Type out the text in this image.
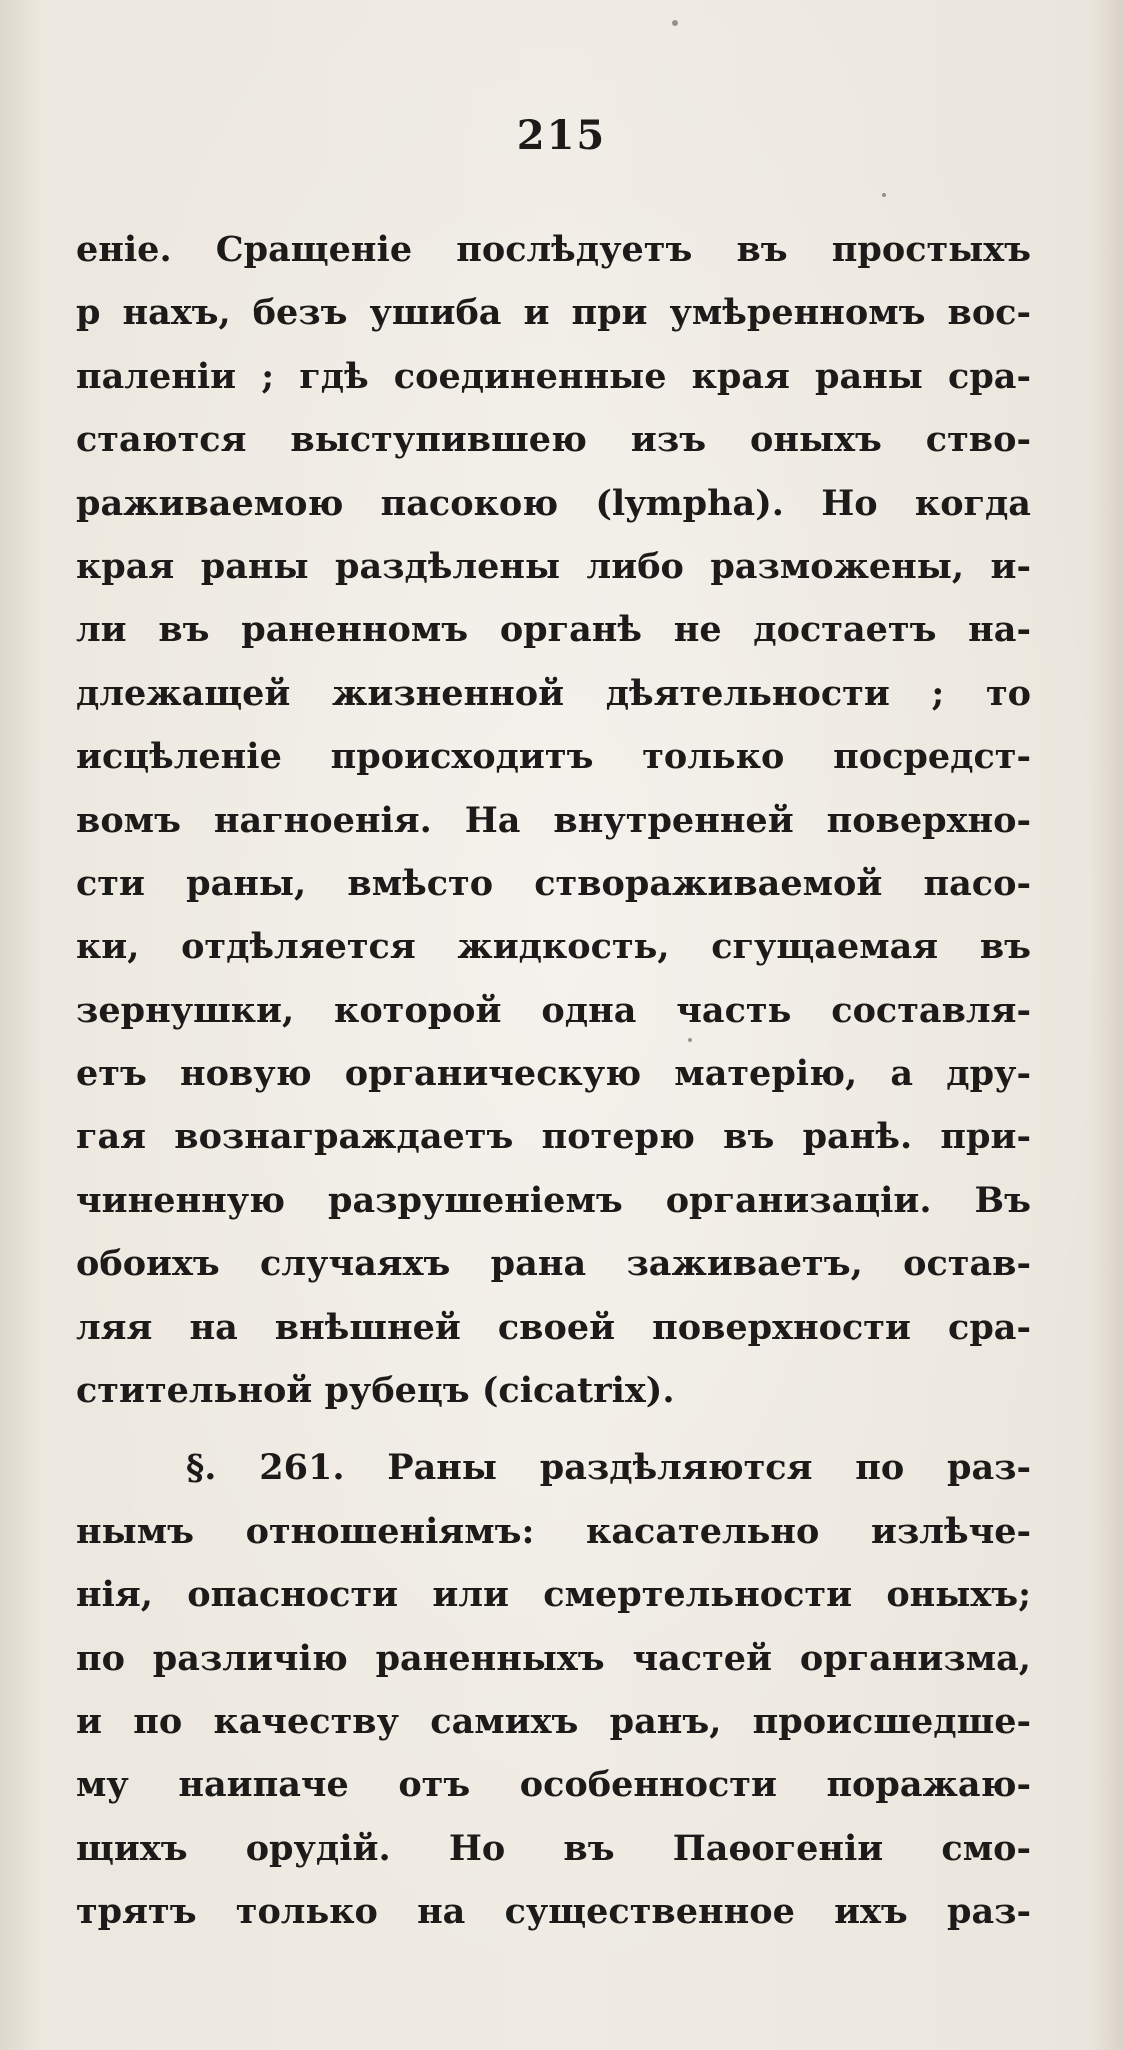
215
еніе. Сращеніе послѣдуетъ въ простыхъ
р нахъ, безъ ушиба и при умѣренномъ вос-
паленіи ; гдѣ соединенные края раны сра-
стаются выступившею изъ оныхъ ство-
раживаемою пасокою (lympha). Но когда
края раны раздѣлены либо разможены, и-
ли въ раненномъ органѣ не достаетъ на-
длежащей жизненной дѣятельности ; то
исцѣленіе происходитъ только посредст-
вомъ нагноенія. На внутренней поверхно-
сти раны, вмѣсто створаживаемой пасо-
ки, отдѣляется жидкость, сгущаемая въ
зернушки, которой одна часть составля-
етъ новую органическую матерію, а дру-
гая вознаграждаетъ потерю въ ранѣ. при-
чиненную разрушеніемъ организаціи. Въ
обоихъ случаяхъ рана заживаетъ, остав-
ляя на внѣшней своей поверхности сра-
стительной рубецъ (cicatrix).
§. 261. Раны раздѣляются по раз-
нымъ отношеніямъ: касательно излѣче-
нія, опасности или смертельности оныхъ;
по различію раненныхъ частей организма,
и по качеству самихъ ранъ, происшедше-
му наипаче отъ особенности поражаю-
щихъ орудій. Но въ Паѳогеніи смо-
трятъ только на существенное ихъ раз-
